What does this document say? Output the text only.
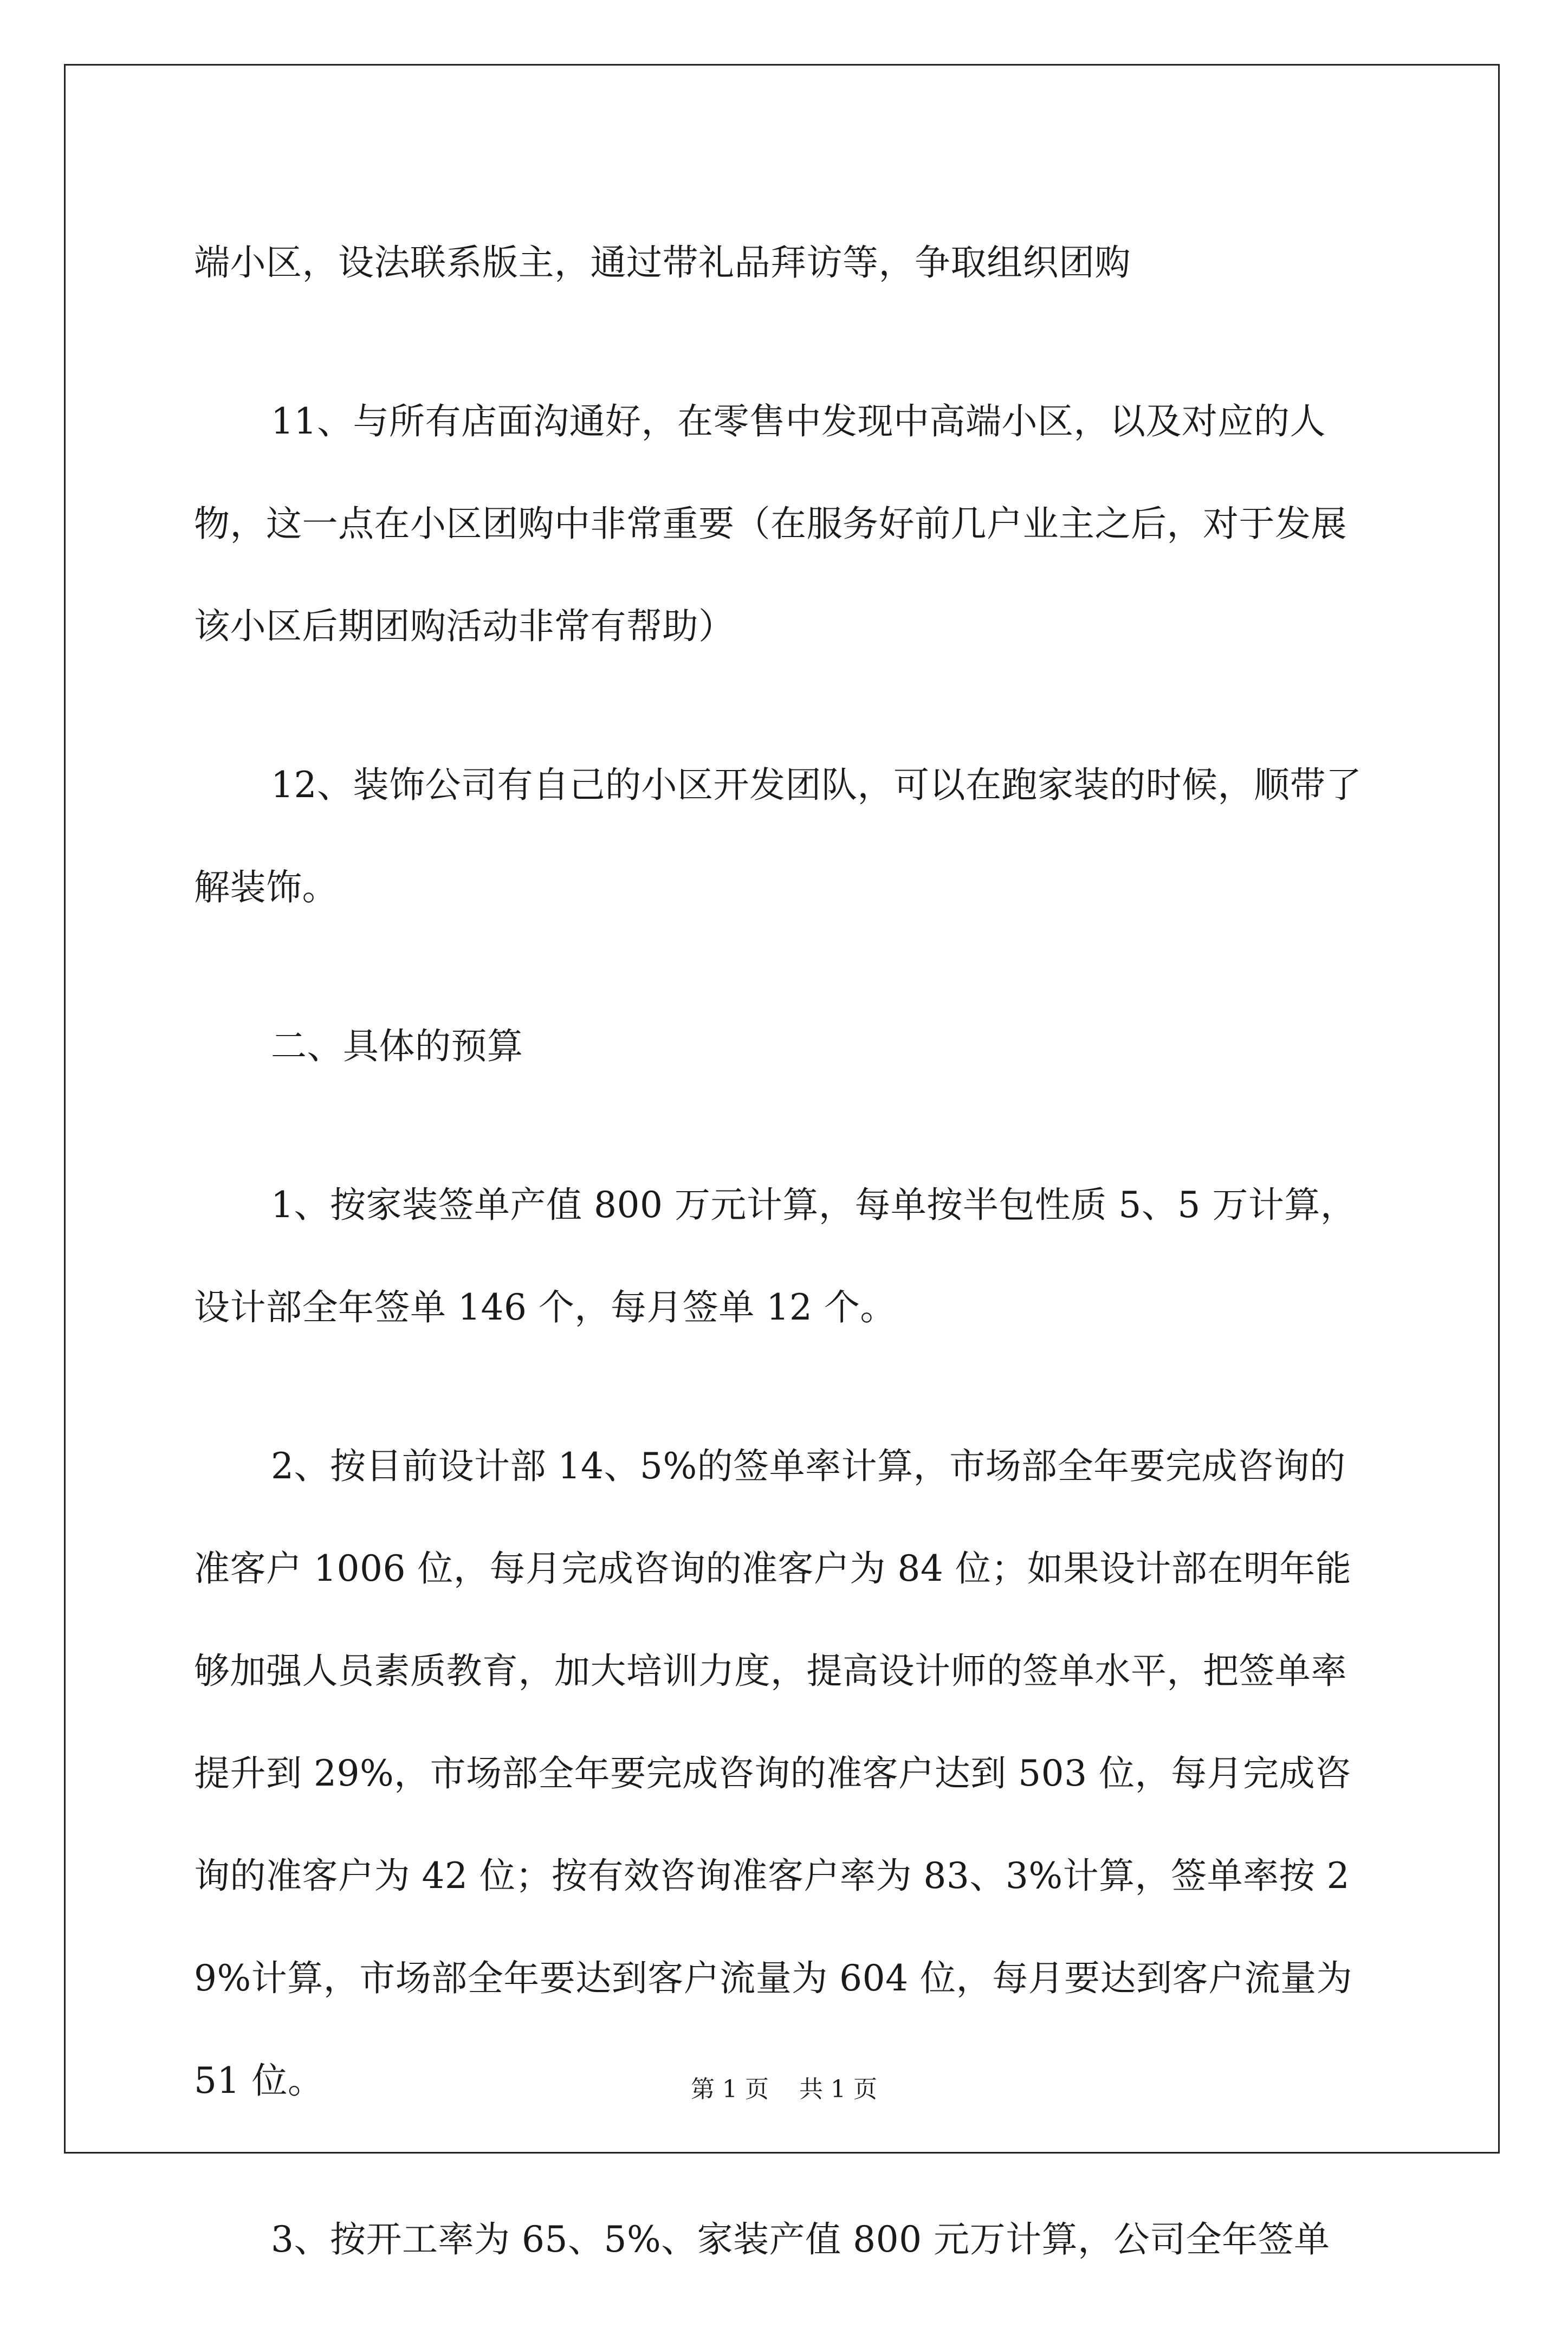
端小区，设法联系版主，通过带礼品拜访等，争取组织团购

11、与所有店面沟通好，在零售中发现中高端小区，以及对应的人物，这一点在小区团购中非常重要（在服务好前几户业主之后，对于发展该小区后期团购活动非常有帮助）

12、装饰公司有自己的小区开发团队，可以在跑家装的时候，顺带了解装饰。

二、具体的预算

1、按家装签单产值 800 万元计算，每单按半包性质 5、5 万计算，设计部全年签单 146 个，每月签单 12 个。

2、按目前设计部 14、5%的签单率计算，市场部全年要完成咨询的准客户 1006 位，每月完成咨询的准客户为 84 位；如果设计部在明年能够加强人员素质教育，加大培训力度，提高设计师的签单水平，把签单率提升到 29%，市场部全年要完成咨询的准客户达到 503 位，每月完成咨询的准客户为 42 位；按有效咨询准客户率为 83、3%计算，签单率按 29%计算，市场部全年要达到客户流量为 604 位，每月要达到客户流量为 51 位。

3、按开工率为 65、5%、家装产值 800 元万计算，公司全年签单

第 1 页 共 1 页
